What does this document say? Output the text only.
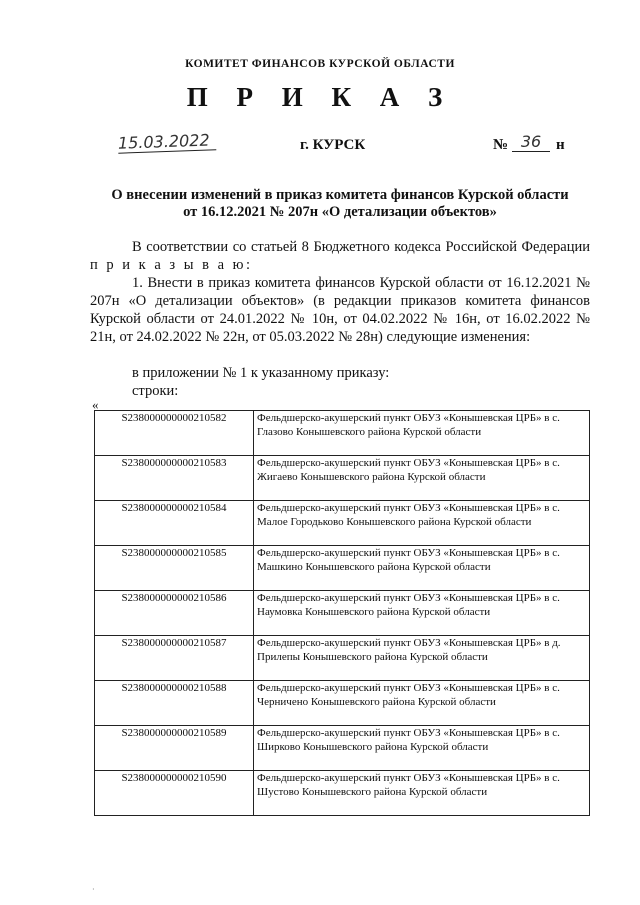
КОМИТЕТ ФИНАНСОВ КУРСКОЙ ОБЛАСТИ
П Р И К А З
15.03.2022	г. КУРСК	№ 36 н
О внесении изменений в приказ комитета финансов Курской области
от 16.12.2021 № 207н «О детализации объектов»
В соответствии со статьей 8 Бюджетного кодекса Российской Федерации п р и к а з ы в а ю:
1. Внести в приказ комитета финансов Курской области от 16.12.2021 № 207н «О детализации объектов» (в редакции приказов комитета финансов Курской области от 24.01.2022 № 10н, от 04.02.2022 № 16н, от 16.02.2022 № 21н, от 24.02.2022 № 22н, от 05.03.2022 № 28н) следующие изменения:
в приложении № 1 к указанному приказу:
строки:
«
S238000000000210582	Фельдшерско-акушерский пункт ОБУЗ «Конышевская ЦРБ» в с. Глазово Конышевского района Курской области
S238000000000210583	Фельдшерско-акушерский пункт ОБУЗ «Конышевская ЦРБ» в с. Жигаево Конышевского района Курской области
S238000000000210584	Фельдшерско-акушерский пункт ОБУЗ «Конышевская ЦРБ» в с. Малое Городьково Конышевского района Курской области
S238000000000210585	Фельдшерско-акушерский пункт ОБУЗ «Конышевская ЦРБ» в с. Машкино Конышевского района Курской области
S238000000000210586	Фельдшерско-акушерский пункт ОБУЗ «Конышевская ЦРБ» в с. Наумовка Конышевского района Курской области
S238000000000210587	Фельдшерско-акушерский пункт ОБУЗ «Конышевская ЦРБ» в д. Прилепы Конышевского района Курской области
S238000000000210588	Фельдшерско-акушерский пункт ОБУЗ «Конышевская ЦРБ» в с. Черничено Конышевского района Курской области
S238000000000210589	Фельдшерско-акушерский пункт ОБУЗ «Конышевская ЦРБ» в с. Ширково Конышевского района Курской области
S238000000000210590	Фельдшерско-акушерский пункт ОБУЗ «Конышевская ЦРБ» в с. Шустово Конышевского района Курской области
·
